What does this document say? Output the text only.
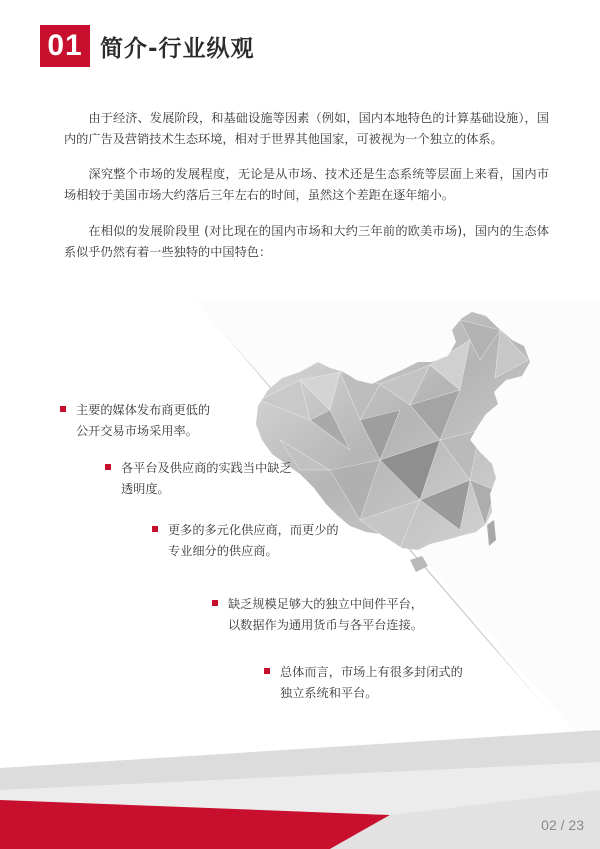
01 简介-行业纵观

由于经济、发展阶段，和基础设施等因素（例如，国内本地特色的计算基础设施），国内的广告及营销技术生态环境，相对于世界其他国家，可被视为一个独立的体系。

深究整个市场的发展程度，无论是从市场、技术还是生态系统等层面上来看，国内市场相较于美国市场大约落后三年左右的时间，虽然这个差距在逐年缩小。

在相似的发展阶段里 (对比现在的国内市场和大约三年前的欧美市场)，国内的生态体系似乎仍然有着一些独特的中国特色：

主要的媒体发布商更低的
公开交易市场采用率。
各平台及供应商的实践当中缺乏
透明度。
更多的多元化供应商，而更少的
专业细分的供应商。
缺乏规模足够大的独立中间件平台，
以数据作为通用货币与各平台连接。
总体而言，市场上有很多封闭式的
独立系统和平台。
02 / 23
